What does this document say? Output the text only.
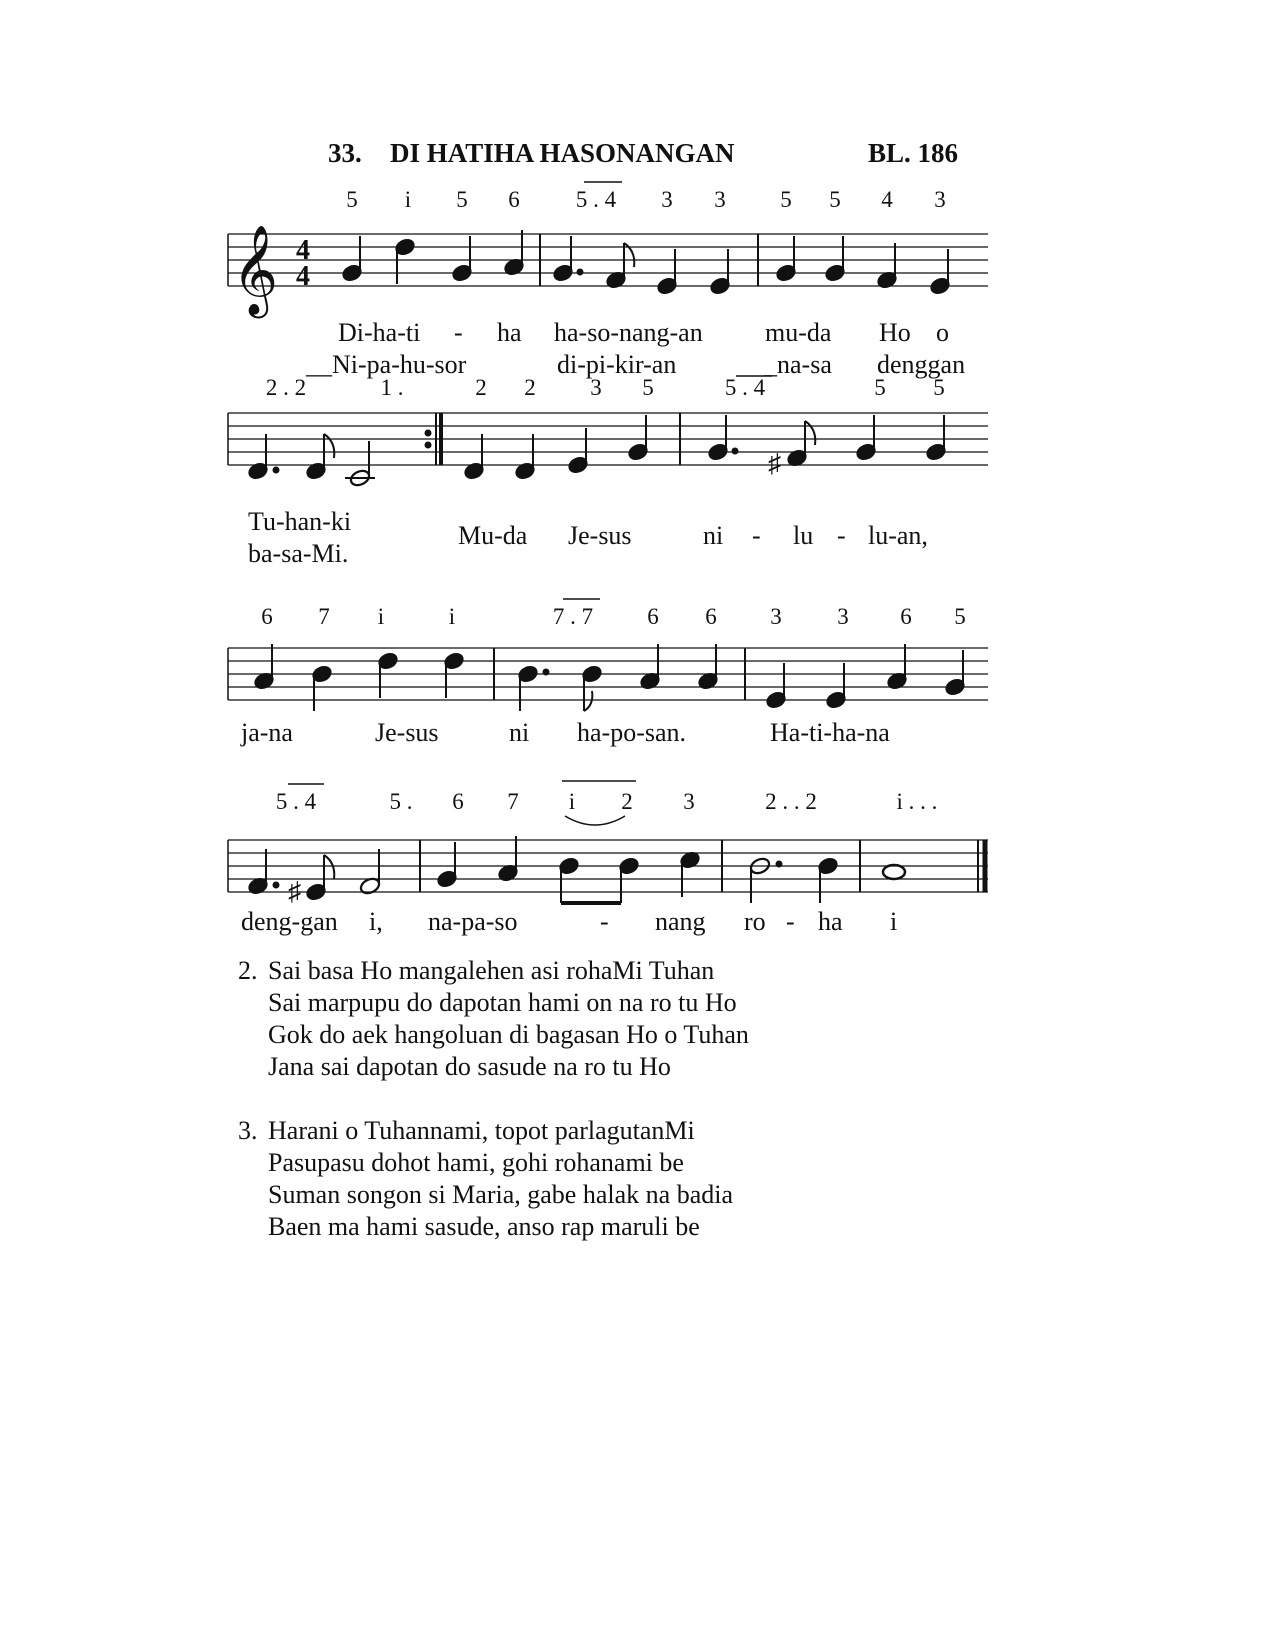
33. DI HATIHA HASONANGAN	BL. 186
5 i 5 6 5 . 4 3 3 5 5 4 3
𝄞 4
4
Di-ha-ti - ha ha-so-nang-an mu-da Ho o
__Ni-pa-hu-sor	di-pi-kir-an	_na-sa denggan
2 . 2	1 .	2 2 3 5	5 . 4	5 5
♯
Tu-han-ki	Mu-da Je-sus	ni - lu - lu-an,
ba-sa-Mi.
6 7 i	i	7 . 7 6 6 3 3 6 5
ja-na	Je-sus	ni ha-po-san.	Ha-ti-ha-na
5 . 4	5 . 6 7 i 2 3	2 . . 2	i . . .
♯
deng-gan i, na-pa-so	- nang ro - ha i
2. Sai basa Ho mangalehen asi rohaMi Tuhan
Sai marpupu do dapotan hami on na ro tu Ho
Gok do aek hangoluan di bagasan Ho o Tuhan
Jana sai dapotan do sasude na ro tu Ho
3. Harani o Tuhannami, topot parlagutanMi
Pasupasu dohot hami, gohi rohanami be
Suman songon si Maria, gabe halak na badia
Baen ma hami sasude, anso rap maruli be
